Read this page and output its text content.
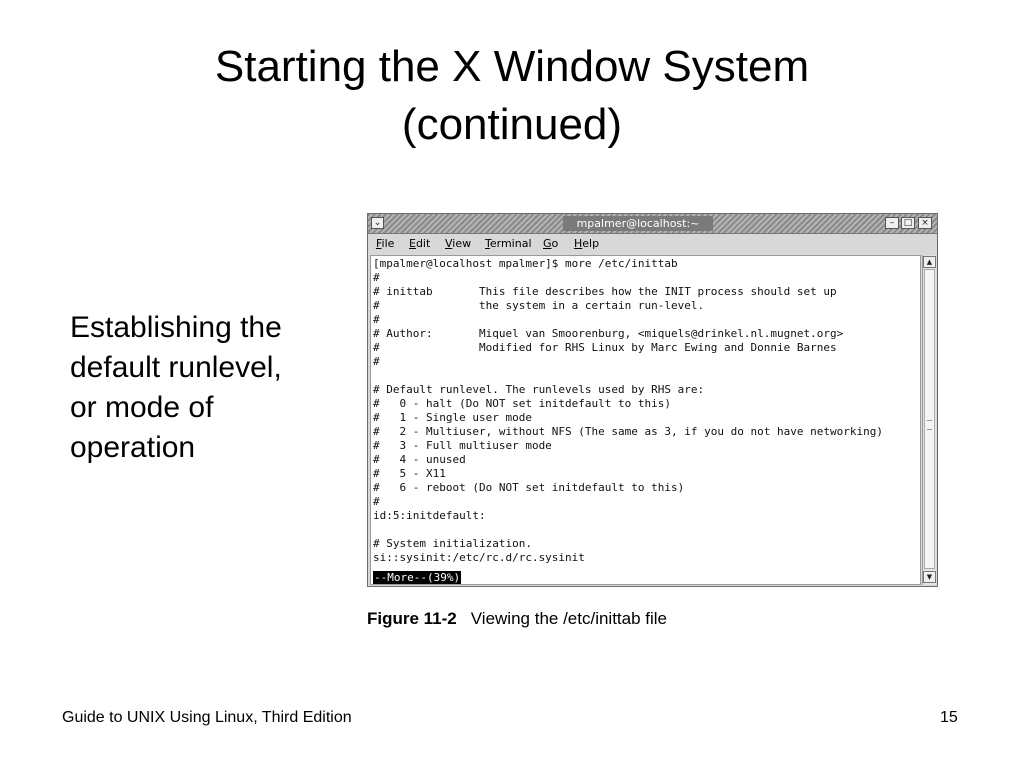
Starting the X Window System
(continued)
Establishing the
default runlevel,
or mode of
operation
⌄	mpalmer@localhost:~	–	□ ×
File Edit View Terminal Go Help
[mpalmer@localhost mpalmer]$ more /etc/inittab
#
# inittab       This file describes how the INIT process should set up
#               the system in a certain run-level.
#
# Author:       Miquel van Smoorenburg, <miquels@drinkel.nl.mugnet.org>
#               Modified for RHS Linux by Marc Ewing and Donnie Barnes
#
# Default runlevel. The runlevels used by RHS are:
#   0 - halt (Do NOT set initdefault to this)
#   1 - Single user mode
#   2 - Multiuser, without NFS (The same as 3, if you do not have networking)
#   3 - Full multiuser mode
#   4 - unused
#   5 - X11
#   6 - reboot (Do NOT set initdefault to this)
#
id:5:initdefault:
# System initialization.
si::sysinit:/etc/rc.d/rc.sysinit
--More--(39%)
▲
▼
Figure 11-2 Viewing the /etc/inittab file
Guide to UNIX Using Linux, Third Edition	15
